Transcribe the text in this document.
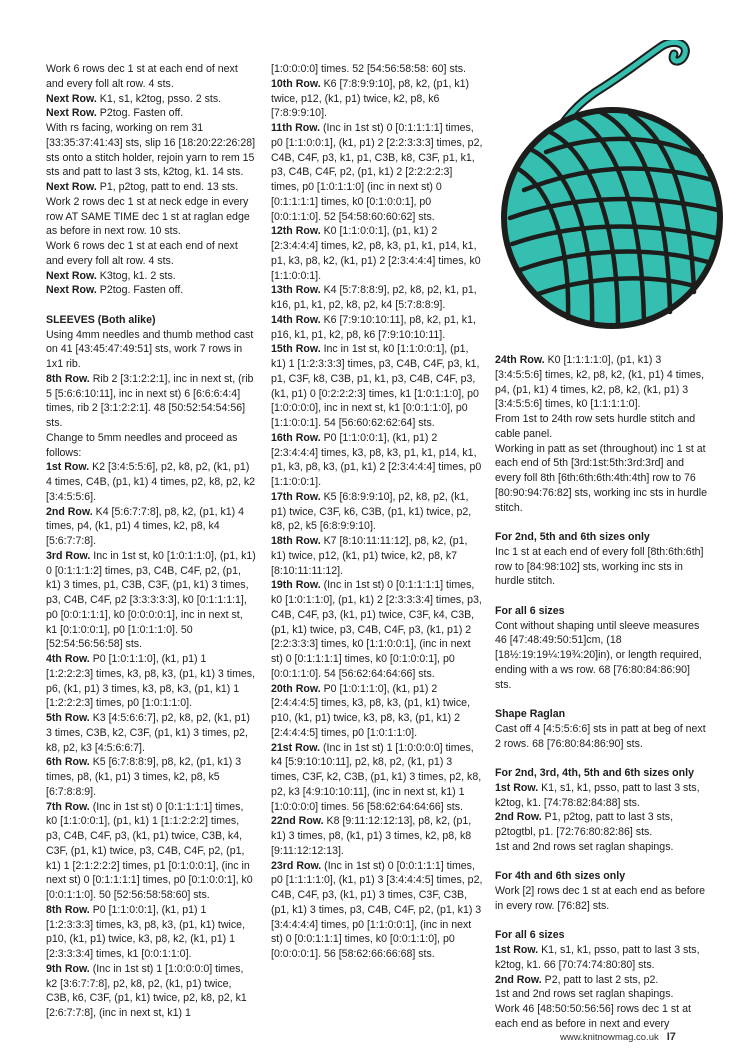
Work 6 rows dec 1 st at each end of next and every foll alt row. 4 sts.

Next Row. K1, s1, k2tog, psso. 2 sts.

Next Row. P2tog. Fasten off.

With rs facing, working on rem 31 [33:35:37:41:43] sts, slip 16 [18:20:22:26:28] sts onto a stitch holder, rejoin yarn to rem 15 sts and patt to last 3 sts, k2tog, k1. 14 sts.

Next Row. P1, p2tog, patt to end. 13 sts.

Work 2 rows dec 1 st at neck edge in every row AT SAME TIME dec 1 st at raglan edge as before in next row. 10 sts.

Work 6 rows dec 1 st at each end of next and every foll alt row. 4 sts.

Next Row. K3tog, k1. 2 sts.

Next Row. P2tog. Fasten off.

SLEEVES (Both alike)

Using 4mm needles and thumb method cast on 41 [43:45:47:49:51] sts, work 7 rows in 1x1 rib.

8th Row. Rib 2 [3:1:2:2:1], inc in next st, (rib 5 [5:6:6:10:11], inc in next st) 6 [6:6:6:4:4] times, rib 2 [3:1:2:2:1]. 48 [50:52:54:54:56] sts.

Change to 5mm needles and proceed as follows:

1st Row. K2 [3:4:5:5:6], p2, k8, p2, (k1, p1) 4 times, C4B, (p1, k1) 4 times, p2, k8, p2, k2 [3:4:5:5:6].

2nd Row. K4 [5:6:7:7:8], p8, k2, (p1, k1) 4 times, p4, (k1, p1) 4 times, k2, p8, k4 [5:6:7:7:8].

3rd Row. Inc in 1st st, k0 [1:0:1:1:0], (p1, k1) 0 [0:1:1:1:2] times, p3, C4B, C4F, p2, (p1, k1) 3 times, p1, C3B, C3F, (p1, k1) 3 times, p3, C4B, C4F, p2 [3:3:3:3:3], k0 [0:1:1:1:1], p0 [0:0:1:1:1], k0 [0:0:0:0:1], inc in next st, k1 [0:1:0:0:1], p0 [1:0:1:1:0]. 50 [52:54:56:56:58] sts.

4th Row. P0 [1:0:1:1:0], (k1, p1) 1 [1:2:2:2:3] times, k3, p8, k3, (p1, k1) 3 times, p6, (k1, p1) 3 times, k3, p8, k3, (p1, k1) 1 [1:2:2:2:3] times, p0 [1:0:1:1:0].

5th Row. K3 [4:5:6:6:7], p2, k8, p2, (k1, p1) 3 times, C3B, k2, C3F, (p1, k1) 3 times, p2, k8, p2, k3 [4:5:6:6:7].

6th Row. K5 [6:7:8:8:9], p8, k2, (p1, k1) 3 times, p8, (k1, p1) 3 times, k2, p8, k5 [6:7:8:8:9].

7th Row. (Inc in 1st st) 0 [0:1:1:1:1] times, k0 [1:1:0:0:1], (p1, k1) 1 [1:1:2:2:2] times, p3, C4B, C4F, p3, (k1, p1) twice, C3B, k4, C3F, (p1, k1) twice, p3, C4B, C4F, p2, (p1, k1) 1 [2:1:2:2:2] times, p1 [0:1:0:0:1], (inc in next st) 0 [0:1:1:1:1] times, p0 [0:1:0:0:1], k0 [0:0:1:1:0]. 50 [52:56:58:58:60] sts.

8th Row. P0 [1:1:0:0:1], (k1, p1) 1 [1:2:3:3:3] times, k3, p8, k3, (p1, k1) twice, p10, (k1, p1) twice, k3, p8, k2, (k1, p1) 1 [2:3:3:3:4] times, k1 [0:0:1:1:0].

9th Row. (Inc in 1st st) 1 [1:0:0:0:0] times, k2 [3:6:7:7:8], p2, k8, p2, (k1, p1) twice, C3B, k6, C3F, (p1, k1) twice, p2, k8, p2, k1 [2:6:7:7:8], (inc in next st, k1) 1

[1:0:0:0:0] times. 52 [54:56:58:58: 60] sts.

10th Row. K6 [7:8:9:9:10], p8, k2, (p1, k1) twice, p12, (k1, p1) twice, k2, p8, k6 [7:8:9:9:10].

11th Row. (Inc in 1st st) 0 [0:1:1:1:1] times, p0 [1:1:0:0:1], (k1, p1) 2 [2:2:3:3:3] times, p2, C4B, C4F, p3, k1, p1, C3B, k8, C3F, p1, k1, p3, C4B, C4F, p2, (p1, k1) 2 [2:2:2:2:3] times, p0 [1:0:1:1:0] (inc in next st) 0 [0:1:1:1:1] times, k0 [0:1:0:0:1], p0 [0:0:1:1:0]. 52 [54:58:60:60:62] sts.

12th Row. K0 [1:1:0:0:1], (p1, k1) 2 [2:3:4:4:4] times, k2, p8, k3, p1, k1, p14, k1, p1, k3, p8, k2, (k1, p1) 2 [2:3:4:4:4] times, k0 [1:1:0:0:1].

13th Row. K4 [5:7:8:8:9], p2, k8, p2, k1, p1, k16, p1, k1, p2, k8, p2, k4 [5:7:8:8:9].

14th Row. K6 [7:9:10:10:11], p8, k2, p1, k1, p16, k1, p1, k2, p8, k6 [7:9:10:10:11].

15th Row. Inc in 1st st, k0 [1:1:0:0:1], (p1, k1) 1 [1:2:3:3:3] times, p3, C4B, C4F, p3, k1, p1, C3F, k8, C3B, p1, k1, p3, C4B, C4F, p3, (k1, p1) 0 [0:2:2:2:3] times, k1 [1:0:1:1:0], p0 [1:0:0:0:0], inc in next st, k1 [0:0:1:1:0], p0 [1:1:0:0:1]. 54 [56:60:62:62:64] sts.

16th Row. P0 [1:1:0:0:1], (k1, p1) 2 [2:3:4:4:4] times, k3, p8, k3, p1, k1, p14, k1, p1, k3, p8, k3, (p1, k1) 2 [2:3:4:4:4] times, p0 [1:1:0:0:1].

17th Row. K5 [6:8:9:9:10], p2, k8, p2, (k1, p1) twice, C3F, k6, C3B, (p1, k1) twice, p2, k8, p2, k5 [6:8:9:9:10].

18th Row. K7 [8:10:11:11:12], p8, k2, (p1, k1) twice, p12, (k1, p1) twice, k2, p8, k7 [8:10:11:11:12].

19th Row. (Inc in 1st st) 0 [0:1:1:1:1] times, k0 [1:0:1:1:0], (p1, k1) 2 [2:3:3:3:4] times, p3, C4B, C4F, p3, (k1, p1) twice, C3F, k4, C3B, (p1, k1) twice, p3, C4B, C4F, p3, (k1, p1) 2 [2:2:3:3:3] times, k0 [1:1:0:0:1], (inc in next st) 0 [0:1:1:1:1] times, k0 [0:1:0:0:1], p0 [0:0:1:1:0]. 54 [56:62:64:64:66] sts.

20th Row. P0 [1:0:1:1:0], (k1, p1) 2 [2:4:4:4:5] times, k3, p8, k3, (p1, k1) twice, p10, (k1, p1) twice, k3, p8, k3, (p1, k1) 2 [2:4:4:4:5] times, p0 [1:0:1:1:0].

21st Row. (Inc in 1st st) 1 [1:0:0:0:0] times, k4 [5:9:10:10:11], p2, k8, p2, (k1, p1) 3 times, C3F, k2, C3B, (p1, k1) 3 times, p2, k8, p2, k3 [4:9:10:10:11], (inc in next st, k1) 1 [1:0:0:0:0] times. 56 [58:62:64:64:66] sts.

22nd Row. K8 [9:11:12:12:13], p8, k2, (p1, k1) 3 times, p8, (k1, p1) 3 times, k2, p8, k8 [9:11:12:12:13].

23rd Row. (Inc in 1st st) 0 [0:0:1:1:1] times, p0 [1:1:1:1:0], (k1, p1) 3 [3:4:4:4:5] times, p2, C4B, C4F, p3, (k1, p1) 3 times, C3F, C3B, (p1, k1) 3 times, p3, C4B, C4F, p2, (p1, k1) 3 [3:4:4:4:4] times, p0 [1:1:0:0:1], (inc in next st) 0 [0:0:1:1:1] times, k0 [0:0:1:1:0], p0 [0:0:0:0:1]. 56 [58:62:66:66:68] sts.

24th Row. K0 [1:1:1:1:0], (p1, k1) 3 [3:4:5:5:6] times, k2, p8, k2, (k1, p1) 4 times, p4, (p1, k1) 4 times, k2, p8, k2, (k1, p1) 3 [3:4:5:5:6] times, k0 [1:1:1:1:0].

From 1st to 24th row sets hurdle stitch and cable panel.

Working in patt as set (throughout) inc 1 st at each end of 5th [3rd:1st:5th:3rd:3rd] and every foll 8th [6th:6th:6th:4th:4th] row to 76 [80:90:94:76:82] sts, working inc sts in hurdle stitch.

For 2nd, 5th and 6th sizes only

Inc 1 st at each end of every foll [8th:6th:6th] row to [84:98:102] sts, working inc sts in hurdle stitch.

For all 6 sizes

Cont without shaping until sleeve measures 46 [47:48:49:50:51]cm, (18 [18½:19:19¼:19¾:20]in), or length required, ending with a ws row. 68 [76:80:84:86:90] sts.

Shape Raglan

Cast off 4 [4:5:5:6:6] sts in patt at beg of next 2 rows. 68 [76:80:84:86:90] sts.

For 2nd, 3rd, 4th, 5th and 6th sizes only

1st Row. K1, s1, k1, psso, patt to last 3 sts, k2tog, k1. [74:78:82:84:88] sts.

2nd Row. P1, p2tog, patt to last 3 sts, p2togtbl, p1. [72:76:80:82:86] sts.

1st and 2nd rows set raglan shapings.

For 4th and 6th sizes only

Work [2] rows dec 1 st at each end as before in every row. [76:82] sts.

For all 6 sizes

1st Row. K1, s1, k1, psso, patt to last 3 sts, k2tog, k1. 66 [70:74:74:80:80] sts.

2nd Row. P2, patt to last 2 sts, p2.

1st and 2nd rows set raglan shapings.

Work 46 [48:50:50:56:56] rows dec 1 st at each end as before in next and every

www.knitnowmag.co.uk I7
